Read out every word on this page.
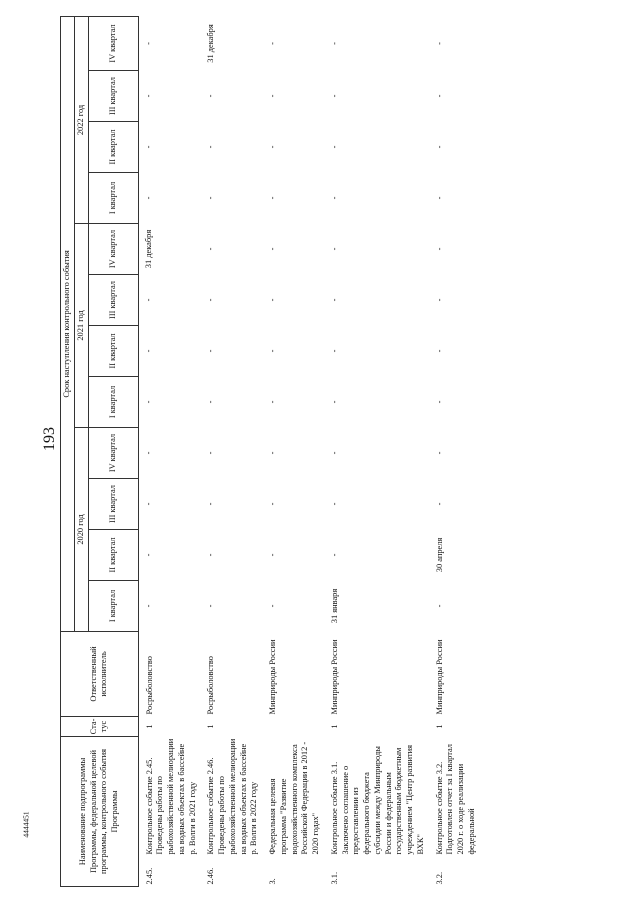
193
4444451	Наименование подпрограммы Программы, федеральной целевой программы, контрольного события Программы		Ста-тус	Ответственный исполнитель	Срок наступления контрольного события											
				2020 год				2021 год				2022 год			
				I квартал	II квартал	III квартал	IV квартал	I квартал	II квартал	III квартал	IV квартал	I квартал	II квартал	III квартал	IV квартал

2.45.	Контрольное событие 2.45. Проведены работы по рыбохозяйственной мелиорации на водных объектах в бассейне р. Волги в 2021 году	1	Росрыболовство	-	-	-	-	-	-	-	31 декабря	-	-	-	-
2.46.	Контрольное событие 2.46. Проведены работы по рыбохозяйственной мелиорации на водных объектах в бассейне р. Волги в 2022 году	1	Росрыболовство	-	-	-	-	-	-	-	-	-	-	-	31 декабря
3.	Федеральная целевая программа "Развитие водохозяйственного комплекса Российской Федерации в 2012 - 2020 годах"		Минприроды России	-	-	-	-	-	-	-	-	-	-	-	-
3.1.	Контрольное событие 3.1. Заключено соглашение о предоставлении из федерального бюджета субсидии между Минприроды России и федеральным государственным бюджетным учреждением "Центр развития ВХК"	1	Минприроды России	31 января	-	-	-	-	-	-	-	-	-	-	-
3.2.	Контрольное событие 3.2. Подготовлен отчет за I квартал 2020 г. о ходе реализации федеральной	1	Минприроды России	-	30 апреля	-	-	-	-	-	-	-	-	-	-
